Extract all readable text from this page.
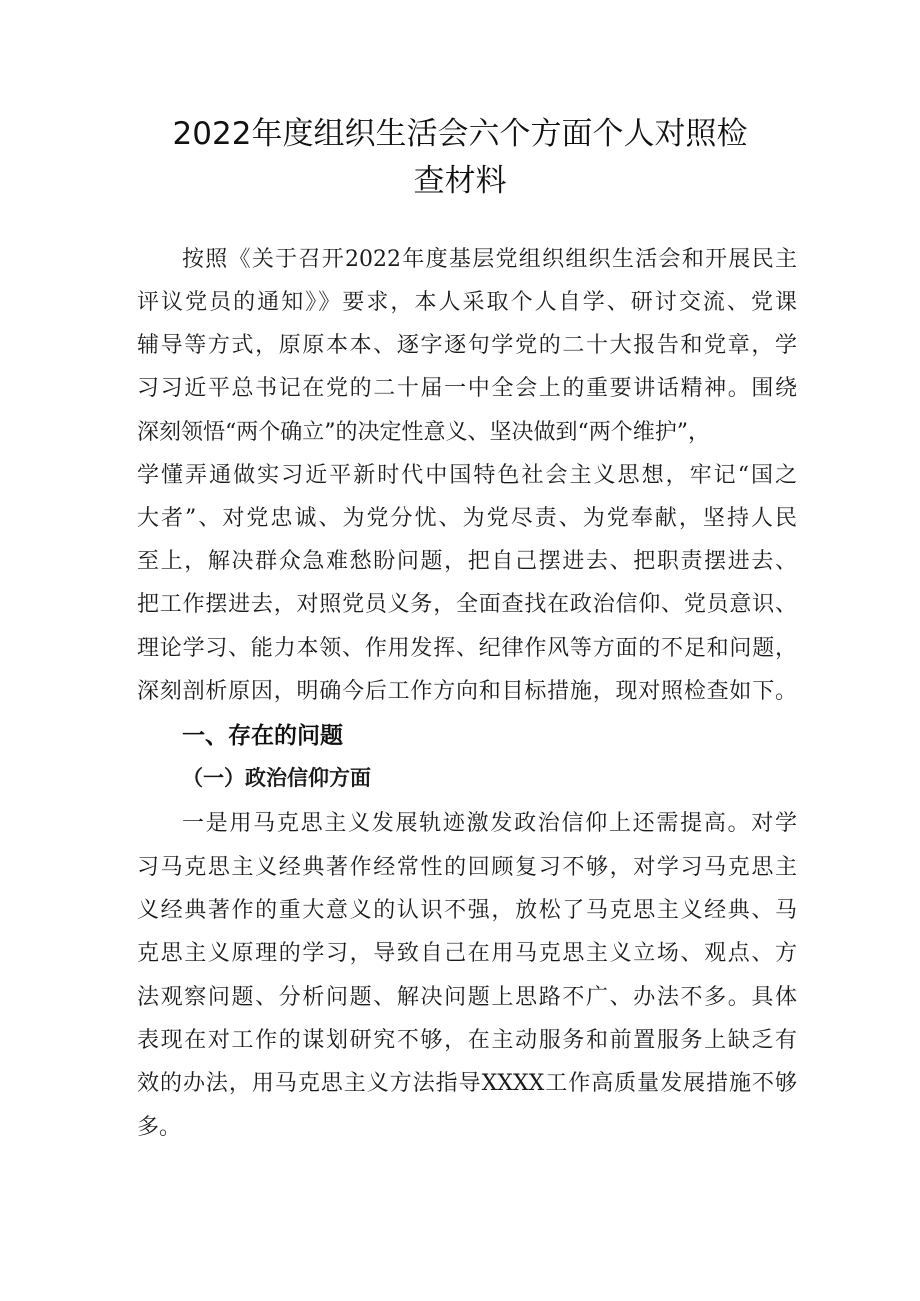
2022年度组织生活会六个方面个人对照检
查材料

按照《关于召开2022年度基层党组织组织生活会和开展民主

评议党员的通知》》要求，本人采取个人自学、研讨交流、党课

辅导等方式，原原本本、逐字逐句学党的二十大报告和党章，学

习习近平总书记在党的二十届一中全会上的重要讲话精神。围绕

深刻领悟“两个确立”的决定性意义、坚决做到“两个维护”，

学懂弄通做实习近平新时代中国特色社会主义思想，牢记“国之

大者”、对党忠诚、为党分忧、为党尽责、为党奉献，坚持人民

至上，解决群众急难愁盼问题，把自己摆进去、把职责摆进去、

把工作摆进去，对照党员义务，全面查找在政治信仰、党员意识、

理论学习、能力本领、作用发挥、纪律作风等方面的不足和问题，

深刻剖析原因，明确今后工作方向和目标措施，现对照检查如下。

一、存在的问题
（一）政治信仰方面

一是用马克思主义发展轨迹激发政治信仰上还需提高。对学

习马克思主义经典著作经常性的回顾复习不够，对学习马克思主

义经典著作的重大意义的认识不强，放松了马克思主义经典、马

克思主义原理的学习，导致自己在用马克思主义立场、观点、方

法观察问题、分析问题、解决问题上思路不广、办法不多。具体

表现在对工作的谋划研究不够，在主动服务和前置服务上缺乏有

效的办法，用马克思主义方法指导XXXX工作高质量发展措施不够

多。
